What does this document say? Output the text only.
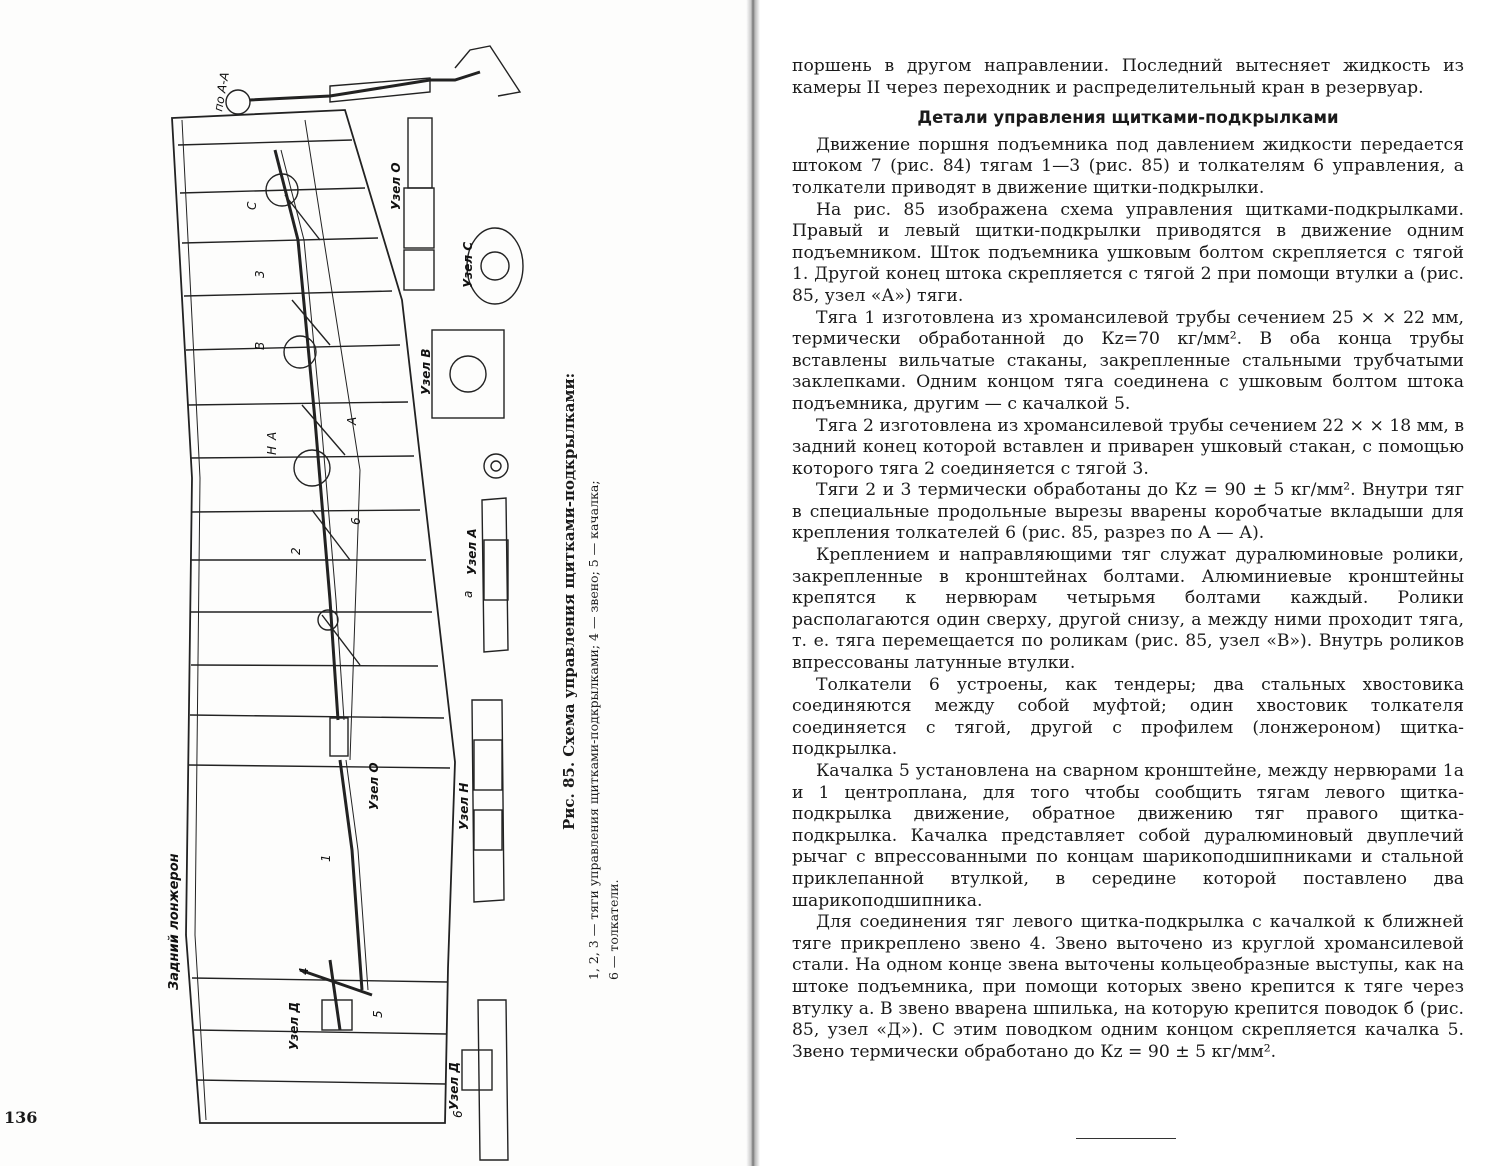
по А-А
Задний лонжерон
Узел О
Узел С
Узел В
Узел А
Узел Н
Узел О
Узел Д
Узел Д
С
В
Н
А
А
а
1
2
3
4
5
6
6
Рис. 85. Схема управления щитками-подкрылками: 1, 2, 3 — тяги управления щитками-подкрылками; 4 — звено; 5 — качалка; 6 — толкатели.
136

поршень в другом направлении. Последний вытесняет жидкость из камеры II через переходник и распределительный кран в резервуар.

Детали управления щитками-подкрылками

Движение поршня подъемника под давлением жидкости передается штоком 7 (рис. 84) тягам 1—3 (рис. 85) и толкателям 6 управления, а толкатели приводят в движение щитки-подкрылки.

На рис. 85 изображена схема управления щитками-подкрылками. Правый и левый щитки-подкрылки приводятся в движение одним подъемником. Шток подъемника ушковым болтом скрепляется с тягой 1. Другой конец штока скрепляется с тягой 2 при помощи втулки а (рис. 85, узел «А») тяги.

Тяга 1 изготовлена из хромансилевой трубы сечением 25 × × 22 мм, термически обработанной до Кz=70 кг/мм². В оба конца трубы вставлены вильчатые стаканы, закрепленные стальными трубчатыми заклепками. Одним концом тяга соединена с ушковым болтом штока подъемника, другим — с качалкой 5.

Тяга 2 изготовлена из хромансилевой трубы сечением 22 × × 18 мм, в задний конец которой вставлен и приварен ушковый стакан, с помощью которого тяга 2 соединяется с тягой 3.

Тяги 2 и 3 термически обработаны до Кz = 90 ± 5 кг/мм². Внутри тяг в специальные продольные вырезы вварены коробчатые вкладыши для крепления толкателей 6 (рис. 85, разрез по А — А).

Креплением и направляющими тяг служат дуралюминовые ролики, закрепленные в кронштейнах болтами. Алюминиевые кронштейны крепятся к нервюрам четырьмя болтами каждый. Ролики располагаются один сверху, другой снизу, а между ними проходит тяга, т. е. тяга перемещается по роликам (рис. 85, узел «В»). Внутрь роликов впрессованы латунные втулки.

Толкатели 6 устроены, как тендеры; два стальных хвостовика соединяются между собой муфтой; один хвостовик толкателя соединяется с тягой, другой с профилем (лонжероном) щитка-подкрылка.

Качалка 5 установлена на сварном кронштейне, между нервюрами 1а и 1 центроплана, для того чтобы сообщить тягам левого щитка-подкрылка движение, обратное движению тяг правого щитка-подкрылка. Качалка представляет собой дуралюминовый двуплечий рычаг с впрессованными по концам шарикоподшипниками и стальной приклепанной втулкой, в середине которой поставлено два шарикоподшипника.

Для соединения тяг левого щитка-подкрылка с качалкой к ближней тяге прикреплено звено 4. Звено выточено из круглой хромансилевой стали. На одном конце звена выточены кольцеобразные выступы, как на штоке подъемника, при помощи которых звено крепится к тяге через втулку а. В звено вварена шпилька, на которую крепится поводок б (рис. 85, узел «Д»). С этим поводком одним концом скрепляется качалка 5. Звено термически обработано до Кz = 90 ± 5 кг/мм².
